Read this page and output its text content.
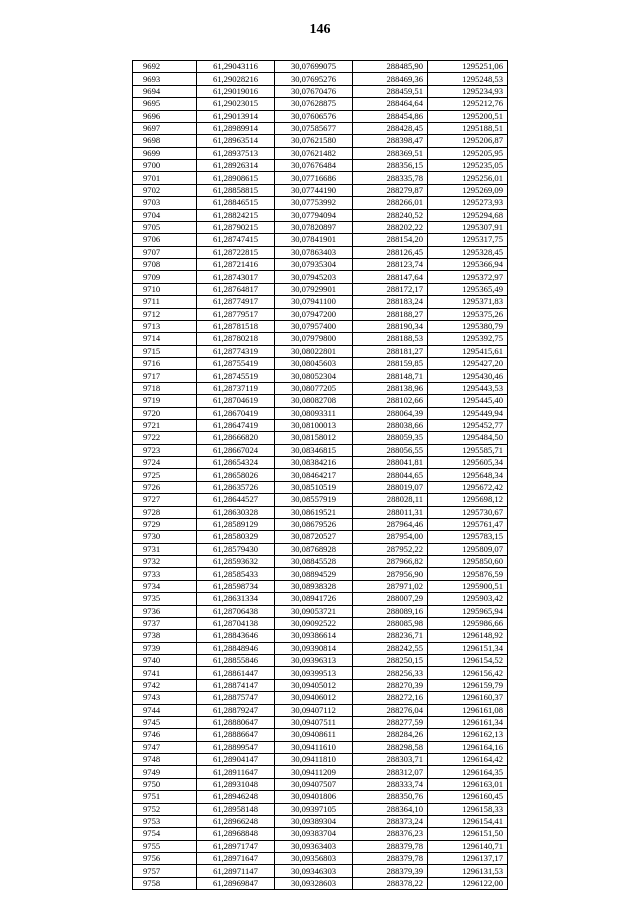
146
9692	61,29043116	30,07699075	288485,90	1295251,06
9693	61,29028216	30,07695276	288469,36	1295248,53
9694	61,29019016	30,07670476	288459,51	1295234,93
9695	61,29023015	30,07628875	288464,64	1295212,76
9696	61,29013914	30,07606576	288454,86	1295200,51
9697	61,28989914	30,07585677	288428,45	1295188,51
9698	61,28963514	30,07621580	288398,47	1295206,87
9699	61,28937513	30,07621482	288369,51	1295205,95
9700	61,28926314	30,07676484	288356,15	1295235,05
9701	61,28908615	30,07716686	288335,78	1295256,01
9702	61,28858815	30,07744190	288279,87	1295269,09
9703	61,28846515	30,07753992	288266,01	1295273,93
9704	61,28824215	30,07794094	288240,52	1295294,68
9705	61,28790215	30,07820897	288202,22	1295307,91
9706	61,28747415	30,07841901	288154,20	1295317,75
9707	61,28722815	30,07863403	288126,45	1295328,45
9708	61,28721416	30,07935304	288123,74	1295366,94
9709	61,28743017	30,07945203	288147,64	1295372,97
9710	61,28764817	30,07929901	288172,17	1295365,49
9711	61,28774917	30,07941100	288183,24	1295371,83
9712	61,28779517	30,07947200	288188,27	1295375,26
9713	61,28781518	30,07957400	288190,34	1295380,79
9714	61,28780218	30,07979800	288188,53	1295392,75
9715	61,28774319	30,08022801	288181,27	1295415,61
9716	61,28755419	30,08045603	288159,85	1295427,20
9717	61,28745519	30,08052304	288148,71	1295430,46
9718	61,28737119	30,08077205	288138,96	1295443,53
9719	61,28704619	30,08082708	288102,66	1295445,40
9720	61,28670419	30,08093311	288064,39	1295449,94
9721	61,28647419	30,08100013	288038,66	1295452,77
9722	61,28666820	30,08158012	288059,35	1295484,50
9723	61,28667024	30,08346815	288056,55	1295585,71
9724	61,28654324	30,08384216	288041,81	1295605,34
9725	61,28658026	30,08464217	288044,65	1295648,34
9726	61,28635726	30,08510519	288019,07	1295672,42
9727	61,28644527	30,08557919	288028,11	1295698,12
9728	61,28630328	30,08619521	288011,31	1295730,67
9729	61,28589129	30,08679526	287964,46	1295761,47
9730	61,28580329	30,08720527	287954,00	1295783,15
9731	61,28579430	30,08768928	287952,22	1295809,07
9732	61,28593632	30,08845528	287966,82	1295850,60
9733	61,28585433	30,08894529	287956,90	1295876,59
9734	61,28598734	30,08938328	287971,02	1295900,51
9735	61,28631334	30,08941726	288007,29	1295903,42
9736	61,28706438	30,09053721	288089,16	1295965,94
9737	61,28704138	30,09092522	288085,98	1295986,66
9738	61,28843646	30,09386614	288236,71	1296148,92
9739	61,28848946	30,09390814	288242,55	1296151,34
9740	61,28855846	30,09396313	288250,15	1296154,52
9741	61,28861447	30,09399513	288256,33	1296156,42
9742	61,28874147	30,09405012	288270,39	1296159,79
9743	61,28875747	30,09406012	288272,16	1296160,37
9744	61,28879247	30,09407112	288276,04	1296161,08
9745	61,28880647	30,09407511	288277,59	1296161,34
9746	61,28886647	30,09408611	288284,26	1296162,13
9747	61,28899547	30,09411610	288298,58	1296164,16
9748	61,28904147	30,09411810	288303,71	1296164,42
9749	61,28911647	30,09411209	288312,07	1296164,35
9750	61,28931048	30,09407507	288333,74	1296163,01
9751	61,28946248	30,09401806	288350,76	1296160,45
9752	61,28958148	30,09397105	288364,10	1296158,33
9753	61,28966248	30,09389304	288373,24	1296154,41
9754	61,28968848	30,09383704	288376,23	1296151,50
9755	61,28971747	30,09363403	288379,78	1296140,71
9756	61,28971647	30,09356803	288379,78	1296137,17
9757	61,28971147	30,09346303	288379,39	1296131,53
9758	61,28969847	30,09328603	288378,22	1296122,00
